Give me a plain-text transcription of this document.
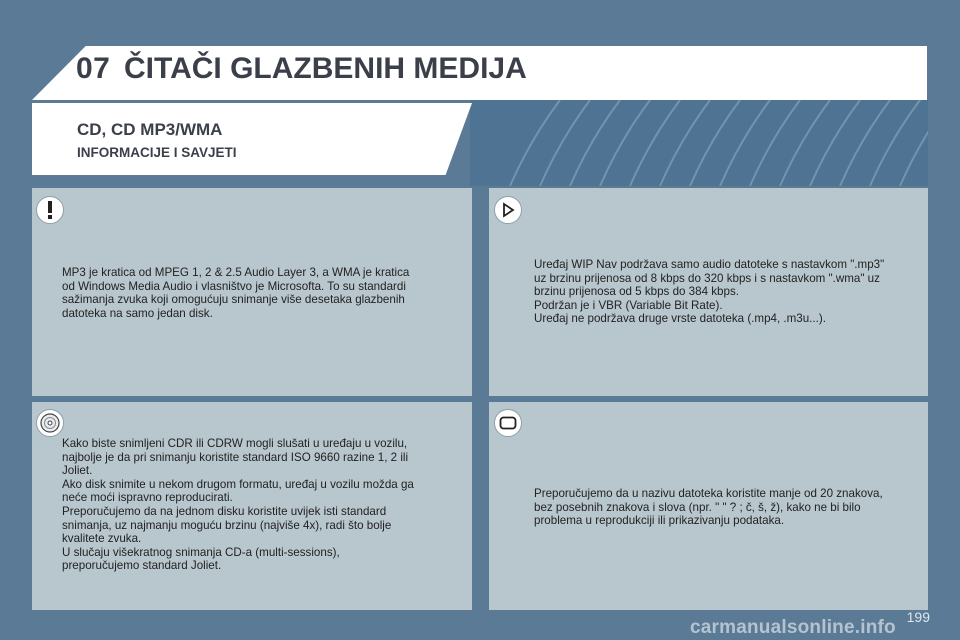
07 ČITAČI GLAZBENIH MEDIJA
CD, CD MP3/WMA
INFORMACIJE I SAVJETI
MP3 je kratica od MPEG 1, 2 & 2.5 Audio Layer 3, a WMA je kratica
od Windows Media Audio i vlasništvo je Microsofta. To su standardi
sažimanja zvuka koji omogućuju snimanje više desetaka glazbenih
datoteka na samo jedan disk.
Uređaj WIP Nav podržava samo audio datoteke s nastavkom ".mp3"
uz brzinu prijenosa od 8 kbps do 320 kbps i s nastavkom ".wma" uz
brzinu prijenosa od 5 kbps do 384 kbps.
Podržan je i VBR (Variable Bit Rate).
Uređaj ne podržava druge vrste datoteka (.mp4, .m3u...).
Kako biste snimljeni CDR ili CDRW mogli slušati u uređaju u vozilu,
najbolje je da pri snimanju koristite standard ISO 9660 razine 1, 2 ili
Joliet.
Ako disk snimite u nekom drugom formatu, uređaj u vozilu možda ga
neće moći ispravno reproducirati.
Preporučujemo da na jednom disku koristite uvijek isti standard
snimanja, uz najmanju moguću brzinu (najviše 4x), radi što bolje
kvalitete zvuka.
U slučaju višekratnog snimanja CD-a (multi-sessions),
preporučujemo standard Joliet.
Preporučujemo da u nazivu datoteka koristite manje od 20 znakova,
bez posebnih znakova i slova (npr. " " ? ; č, š, ž), kako ne bi bilo
problema u reprodukciji ili prikazivanju podataka.
199
carmanualsonline.info
